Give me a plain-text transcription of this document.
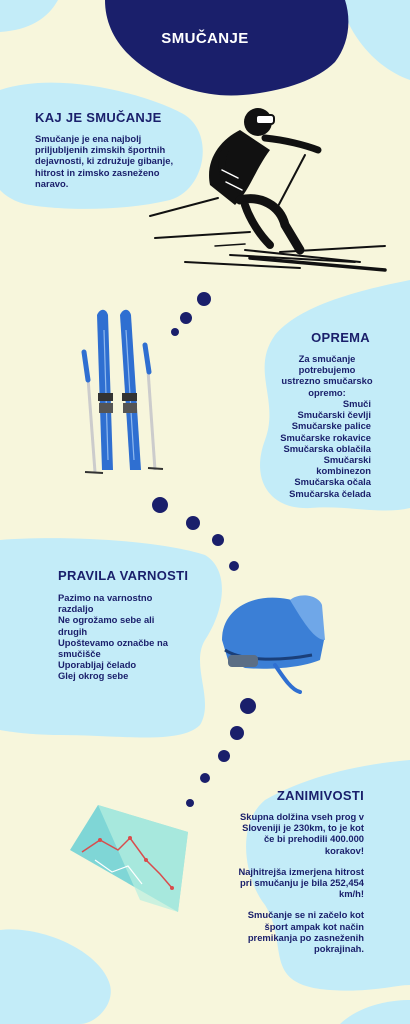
SMUČANJE
KAJ JE SMUČANJE
Smučanje je ena najbolj priljubljenih zimskih športnih dejavnosti, ki združuje gibanje, hitrost in zimsko zasneženo naravo.
OPREMA
Za smučanje potrebujemo ustrezno smučarsko opremo:
Smuči
Smučarski čevlji
Smučarske palice
Smučarske rokavice
Smučarska oblačila
Smučarski kombinezon
Smučarska očala
Smučarska čelada
PRAVILA VARNOSTI
Pazimo na varnostno razdaljo
Ne ogrožamo sebe ali drugih
Upoštevamo označbe na smučišče
Uporabljaj čelado
Glej okrog sebe
ZANIMIVOSTI
Skupna dolžina vseh prog v Sloveniji je 230km, to je kot če bi prehodili 400.000 korakov!
Najhitrejša izmerjena hitrost pri smučanju je bila 252,454 km/h!
Smučanje se ni začelo kot šport ampak kot način premikanja po zasneženih pokrajinah.
